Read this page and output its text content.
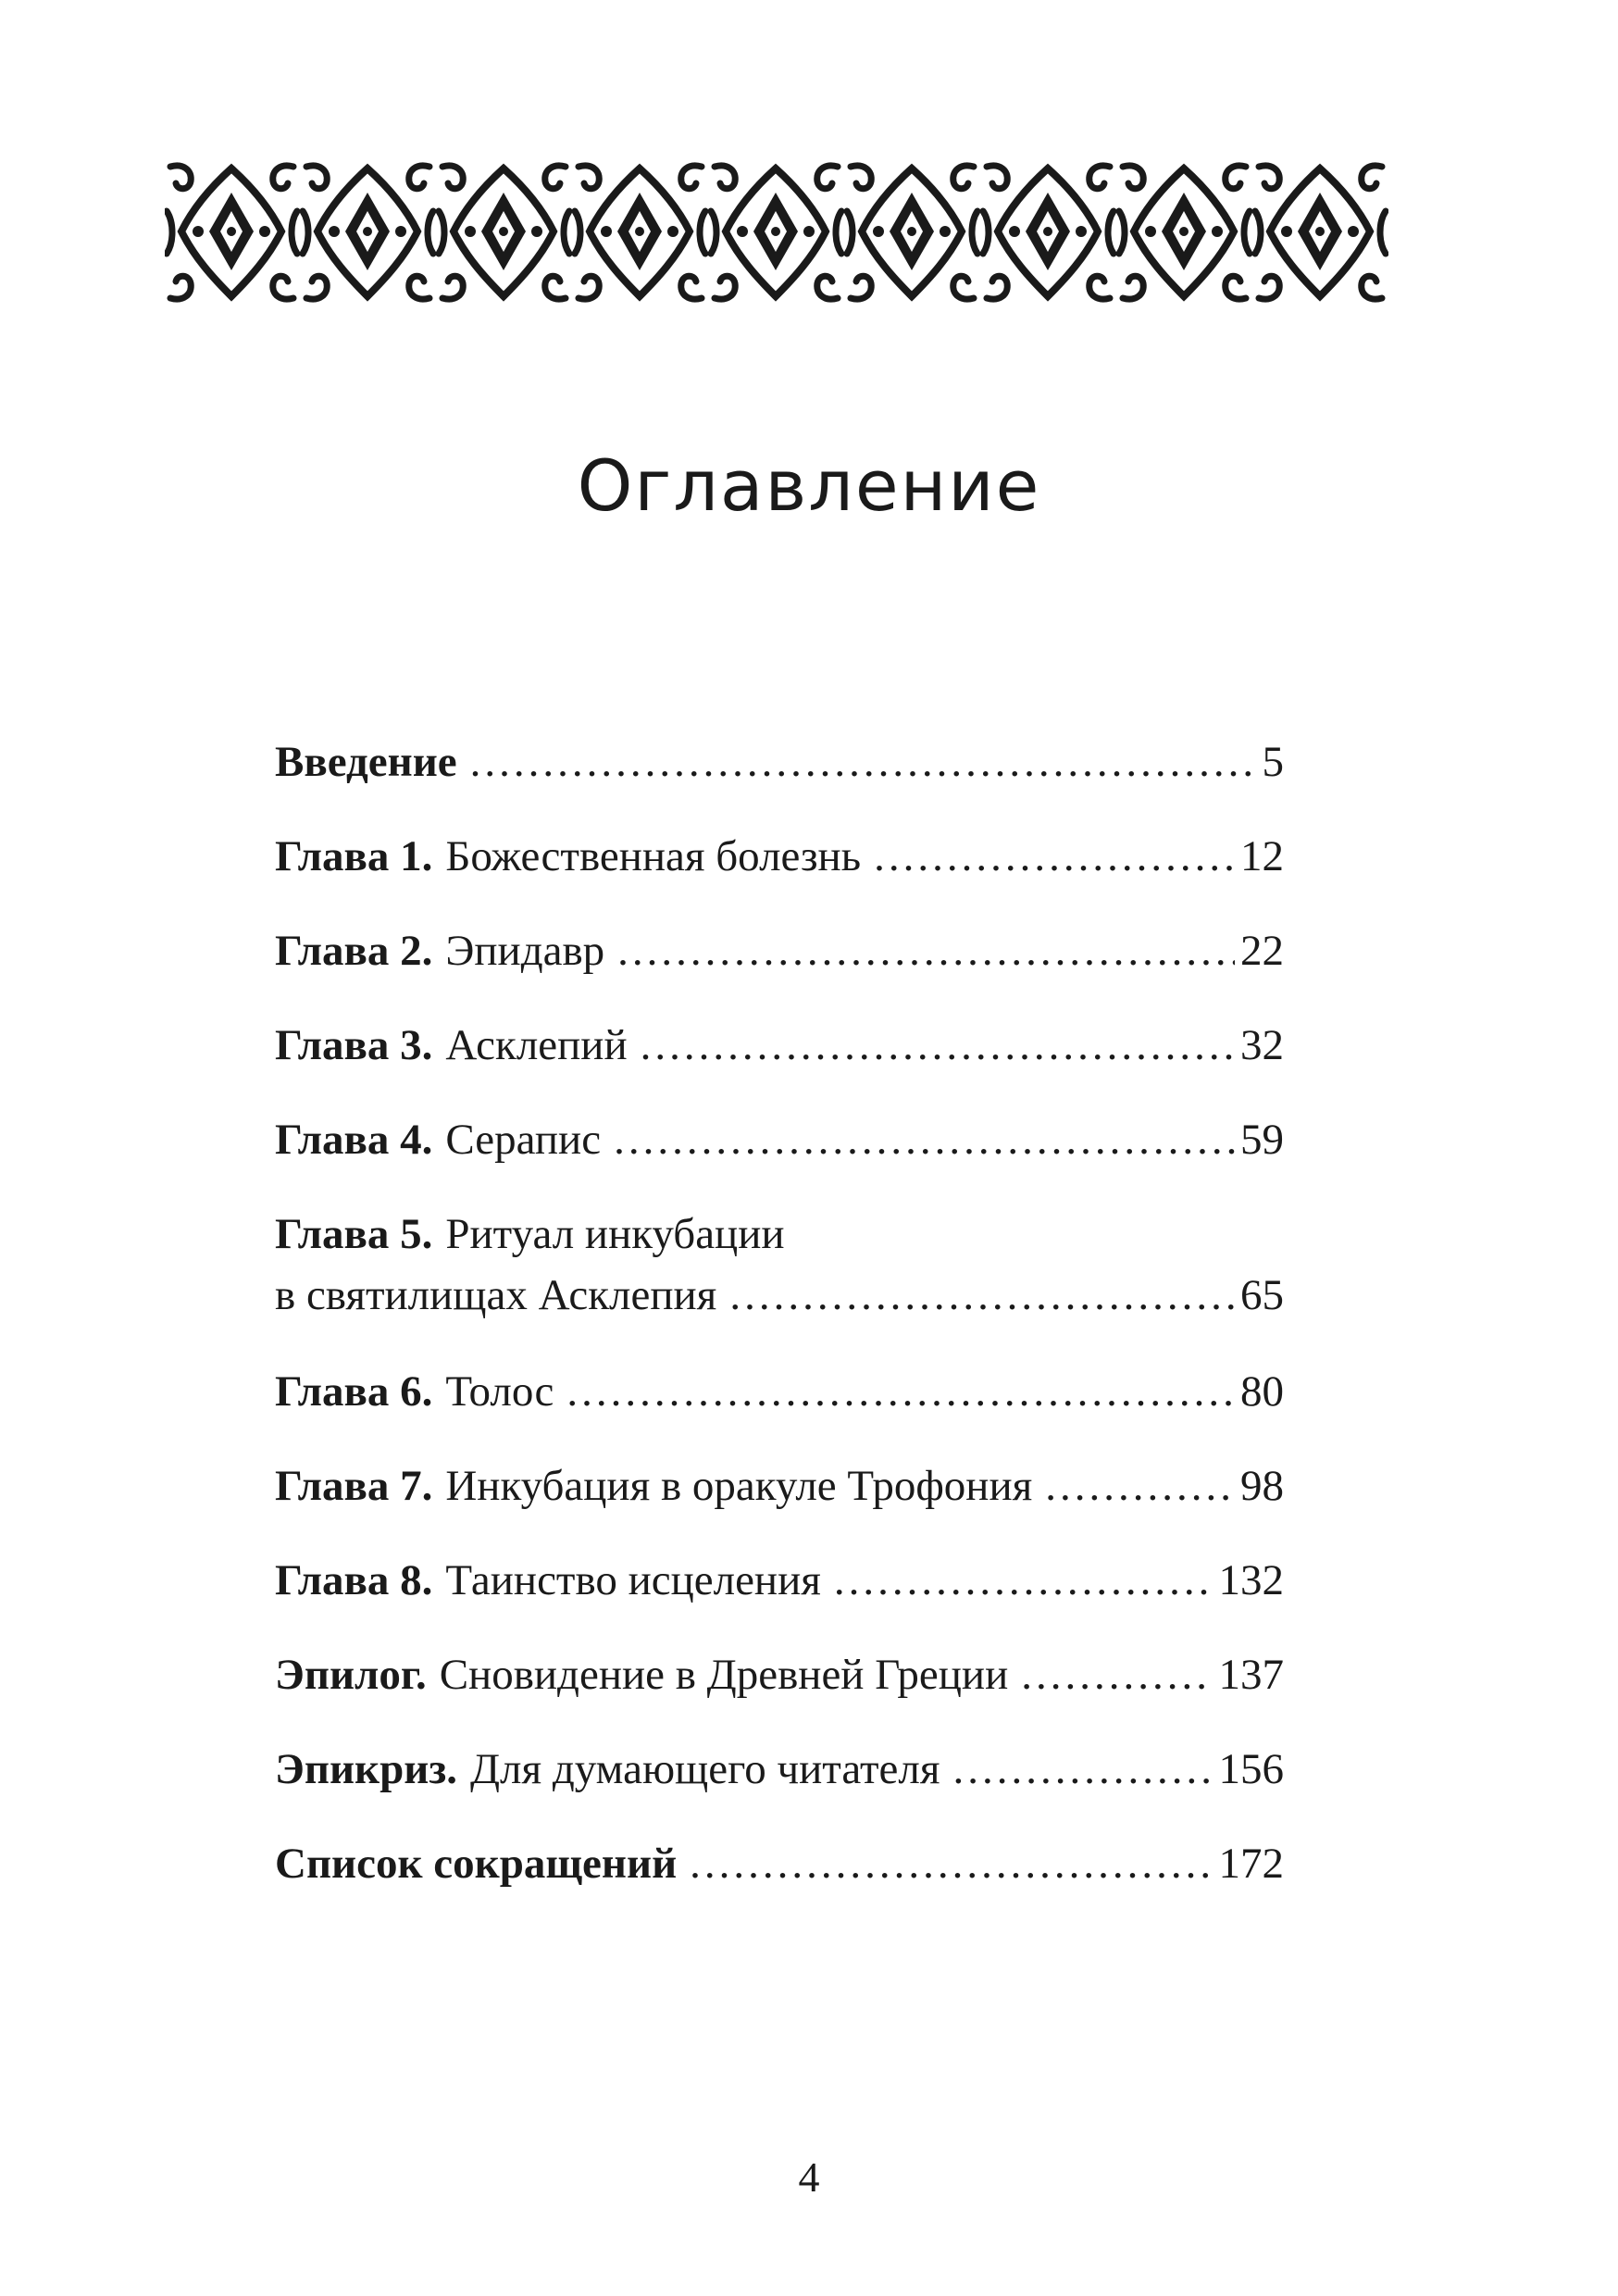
Оглавление
Введение .....	5
Глава 1. Божественная болезнь .....	12
Глава 2. Эпидавр .....	22
Глава 3. Асклепий .....	32
Глава 4. Серапис .....	59
Глава 5. Ритуал инкубации
в святилищах Асклепия .....	65
Глава 6. Толос .....	80
Глава 7. Инкубация в оракуле Трофония .....	98
Глава 8. Таинство исцеления .....	132
Эпилог. Сновидение в Древней Греции .....	137
Эпикриз. Для думающего читателя .....	156
Список сокращений .....	172
4
